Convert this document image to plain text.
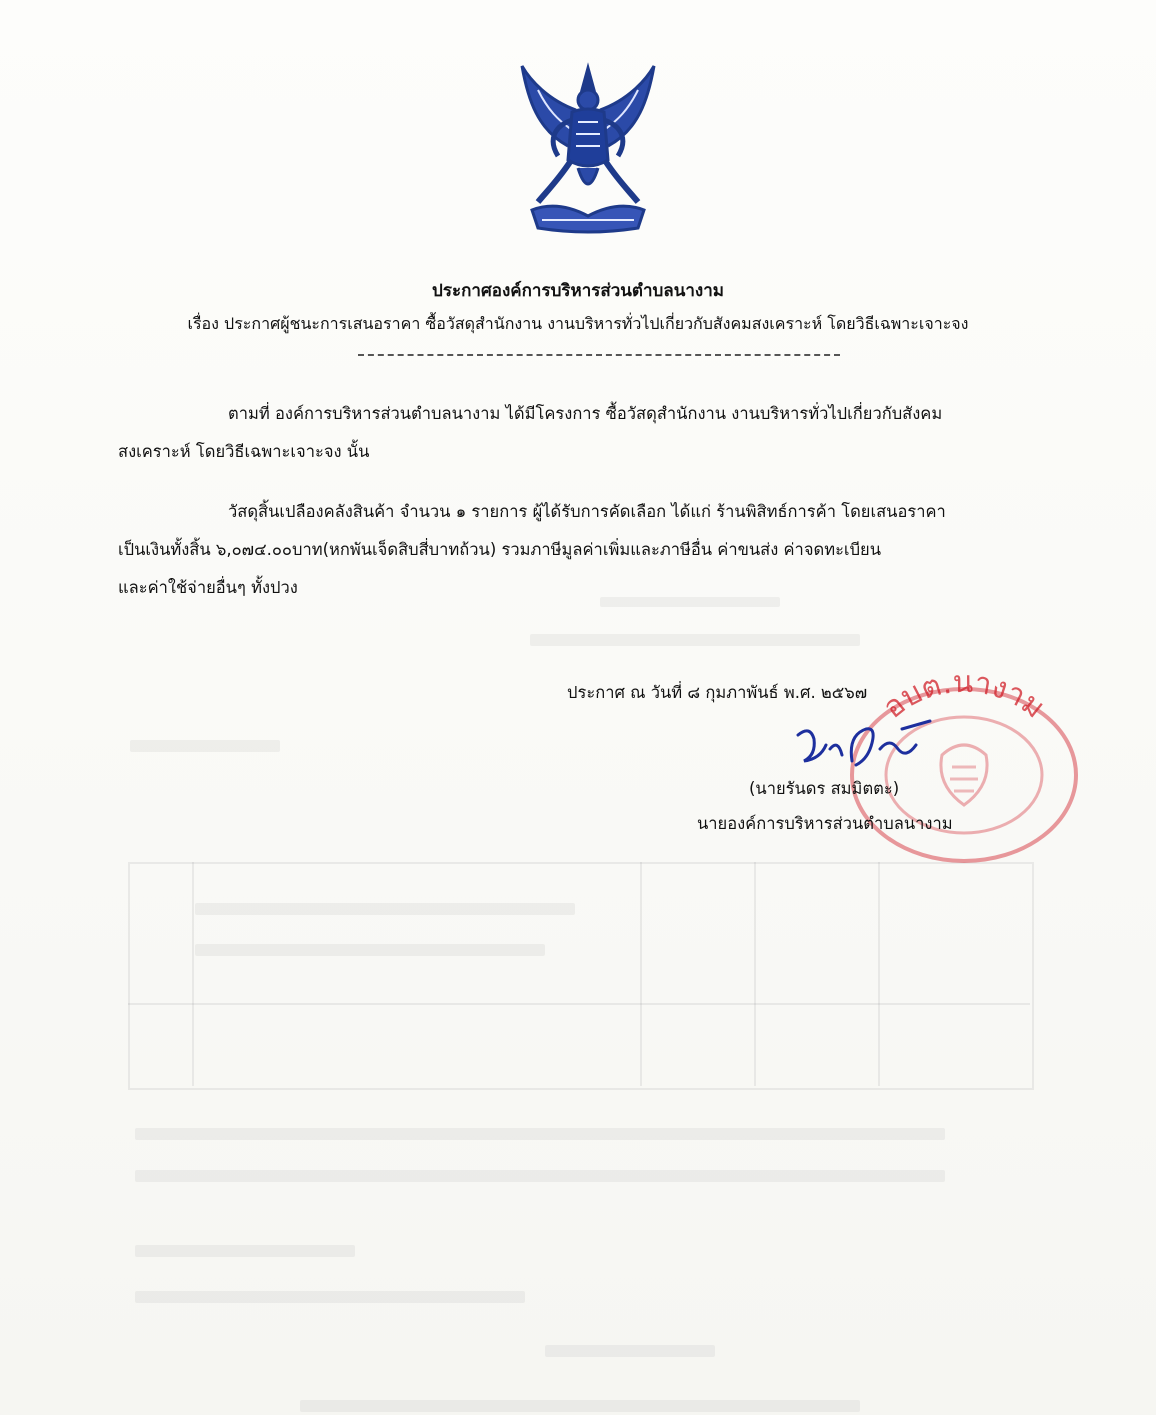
ประกาศองค์การบริหารส่วนตำบลนางาม
เรื่อง ประกาศผู้ชนะการเสนอราคา ซื้อวัสดุสำนักงาน งานบริหารทั่วไปเกี่ยวกับสังคมสงเคราะห์ โดยวิธีเฉพาะเจาะจง
ตามที่ องค์การบริหารส่วนตำบลนางาม ได้มีโครงการ ซื้อวัสดุสำนักงาน งานบริหารทั่วไปเกี่ยวกับสังคม
สงเคราะห์ โดยวิธีเฉพาะเจาะจง นั้น
วัสดุสิ้นเปลืองคลังสินค้า จำนวน ๑ รายการ ผู้ได้รับการคัดเลือก ได้แก่ ร้านพิสิทธ์การค้า โดยเสนอราคา
เป็นเงินทั้งสิ้น ๖,๐๗๔.๐๐บาท(หกพันเจ็ดสิบสี่บาทถ้วน) รวมภาษีมูลค่าเพิ่มและภาษีอื่น ค่าขนส่ง ค่าจดทะเบียน
และค่าใช้จ่ายอื่นๆ ทั้งปวง
ประกาศ ณ วันที่ ๘ กุมภาพันธ์ พ.ศ. ๒๕๖๗ อบต.นางาม
(นายรันดร สมมิตตะ)
นายองค์การบริหารส่วนตำบลนางาม
